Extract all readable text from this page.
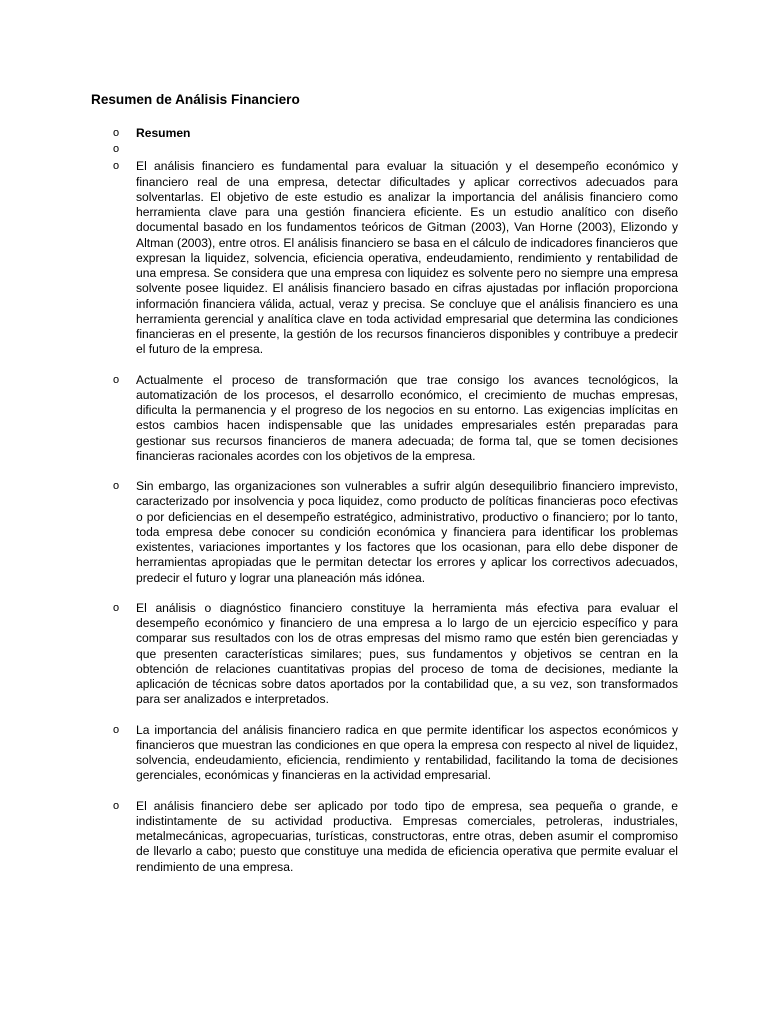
Resumen de Análisis Financiero
o Resumen
o
o El análisis financiero es fundamental para evaluar la situación y el desempeño económico y financiero real de una empresa, detectar dificultades y aplicar correctivos adecuados para solventarlas. El objetivo de este estudio es analizar la importancia del análisis financiero como herramienta clave para una gestión financiera eficiente. Es un estudio analítico con diseño documental basado en los fundamentos teóricos de Gitman (2003), Van Horne (2003), Elizondo y Altman (2003), entre otros. El análisis financiero se basa en el cálculo de indicadores financieros que expresan la liquidez, solvencia, eficiencia operativa, endeudamiento, rendimiento y rentabilidad de una empresa. Se considera que una empresa con liquidez es solvente pero no siempre una empresa solvente posee liquidez. El análisis financiero basado en cifras ajustadas por inflación proporciona información financiera válida, actual, veraz y precisa. Se concluye que el análisis financiero es una herramienta gerencial y analítica clave en toda actividad empresarial que determina las condiciones financieras en el presente, la gestión de los recursos financieros disponibles y contribuye a predecir el futuro de la empresa.
o Actualmente el proceso de transformación que trae consigo los avances tecnológicos, la automatización de los procesos, el desarrollo económico, el crecimiento de muchas empresas, dificulta la permanencia y el progreso de los negocios en su entorno. Las exigencias implícitas en estos cambios hacen indispensable que las unidades empresariales estén preparadas para gestionar sus recursos financieros de manera adecuada; de forma tal, que se tomen decisiones financieras racionales acordes con los objetivos de la empresa.
o Sin embargo, las organizaciones son vulnerables a sufrir algún desequilibrio financiero imprevisto, caracterizado por insolvencia y poca liquidez, como producto de políticas financieras poco efectivas o por deficiencias en el desempeño estratégico, administrativo, productivo o financiero; por lo tanto, toda empresa debe conocer su condición económica y financiera para identificar los problemas existentes, variaciones importantes y los factores que los ocasionan, para ello debe disponer de herramientas apropiadas que le permitan detectar los errores y aplicar los correctivos adecuados, predecir el futuro y lograr una planeación más idónea.
o El análisis o diagnóstico financiero constituye la herramienta más efectiva para evaluar el desempeño económico y financiero de una empresa a lo largo de un ejercicio específico y para comparar sus resultados con los de otras empresas del mismo ramo que estén bien gerenciadas y que presenten características similares; pues, sus fundamentos y objetivos se centran en la obtención de relaciones cuantitativas propias del proceso de toma de decisiones, mediante la aplicación de técnicas sobre datos aportados por la contabilidad que, a su vez, son transformados para ser analizados e interpretados.
o La importancia del análisis financiero radica en que permite identificar los aspectos económicos y financieros que muestran las condiciones en que opera la empresa con respecto al nivel de liquidez, solvencia, endeudamiento, eficiencia, rendimiento y rentabilidad, facilitando la toma de decisiones gerenciales, económicas y financieras en la actividad empresarial.
o El análisis financiero debe ser aplicado por todo tipo de empresa, sea pequeña o grande, e indistintamente de su actividad productiva. Empresas comerciales, petroleras, industriales, metalmecánicas, agropecuarias, turísticas, constructoras, entre otras, deben asumir el compromiso de llevarlo a cabo; puesto que constituye una medida de eficiencia operativa que permite evaluar el rendimiento de una empresa.
